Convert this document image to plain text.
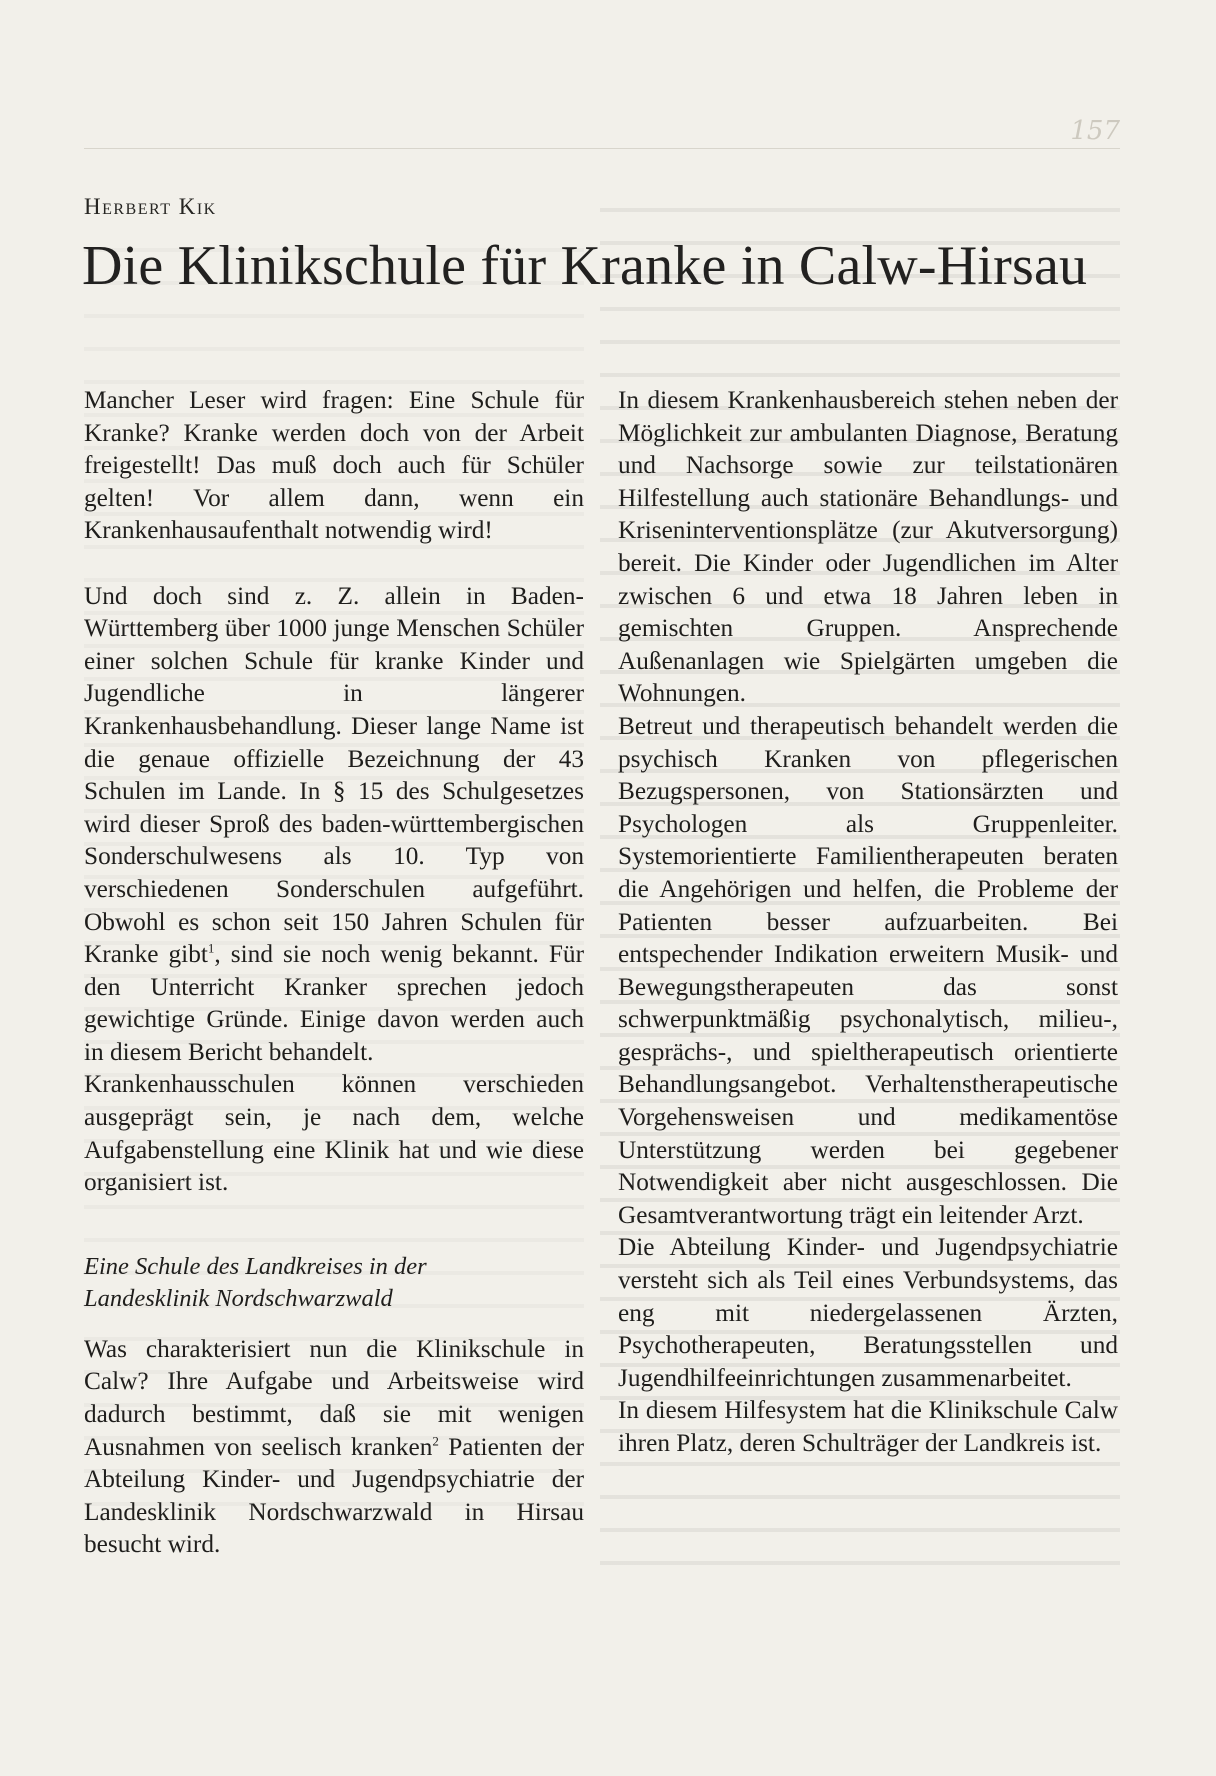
157
Herbert Kik
Die Klinikschule für Kranke in Calw-Hirsau

Mancher Leser wird fragen: Eine Schule für Kranke? Kranke werden doch von der Arbeit freigestellt! Das muß doch auch für Schüler gelten! Vor allem dann, wenn ein Krankenhausaufenthalt notwendig wird!

Und doch sind z. Z. allein in Baden-Württemberg über 1000 junge Menschen Schüler einer solchen Schule für kranke Kinder und Jugendliche in längerer Krankenhausbehandlung. Dieser lange Name ist die genaue offizielle Bezeichnung der 43 Schulen im Lande. In § 15 des Schulgesetzes wird dieser Sproß des baden-württembergischen Sonderschulwesens als 10. Typ von verschiedenen Sonderschulen aufgeführt. Obwohl es schon seit 150 Jahren Schulen für Kranke gibt$^1$, sind sie noch wenig bekannt. Für den Unterricht Kranker sprechen jedoch gewichtige Gründe. Einige davon werden auch in diesem Bericht behandelt.

Krankenhausschulen können verschieden ausgeprägt sein, je nach dem, welche Aufgabenstellung eine Klinik hat und wie diese organisiert ist.

Eine Schule des Landkreises in der
Landesklinik Nordschwarzwald

Was charakterisiert nun die Klinikschule in Calw? Ihre Aufgabe und Arbeitsweise wird dadurch bestimmt, daß sie mit wenigen Ausnahmen von seelisch kranken$^2$ Patienten der Abteilung Kinder- und Jugendpsychiatrie der Landesklinik Nordschwarzwald in Hirsau besucht wird.

In diesem Krankenhausbereich stehen neben der Möglichkeit zur ambulanten Diagnose, Beratung und Nachsorge sowie zur teilstationären Hilfestellung auch stationäre Behandlungs- und Kriseninterventionsplätze (zur Akutversorgung) bereit. Die Kinder oder Jugendlichen im Alter zwischen 6 und etwa 18 Jahren leben in gemischten Gruppen. Ansprechende Außenanlagen wie Spielgärten umgeben die Wohnungen.

Betreut und therapeutisch behandelt werden die psychisch Kranken von pflegerischen Bezugspersonen, von Stationsärzten und Psychologen als Gruppenleiter. Systemorientierte Familientherapeuten beraten die Angehörigen und helfen, die Probleme der Patienten besser aufzuarbeiten. Bei entspechender Indikation erweitern Musik- und Bewegungstherapeuten das sonst schwerpunktmäßig psychonalytisch, milieu-, gesprächs-, und spieltherapeutisch orientierte Behandlungsangebot. Verhaltenstherapeutische Vorgehensweisen und medikamentöse Unterstützung werden bei gegebener Notwendigkeit aber nicht ausgeschlossen. Die Gesamtverantwortung trägt ein leitender Arzt.

Die Abteilung Kinder- und Jugendpsychiatrie versteht sich als Teil eines Verbundsystems, das eng mit niedergelassenen Ärzten, Psychotherapeuten, Beratungsstellen und Jugendhilfeeinrichtungen zusammenarbeitet.

In diesem Hilfesystem hat die Klinikschule Calw ihren Platz, deren Schulträger der Landkreis ist.
